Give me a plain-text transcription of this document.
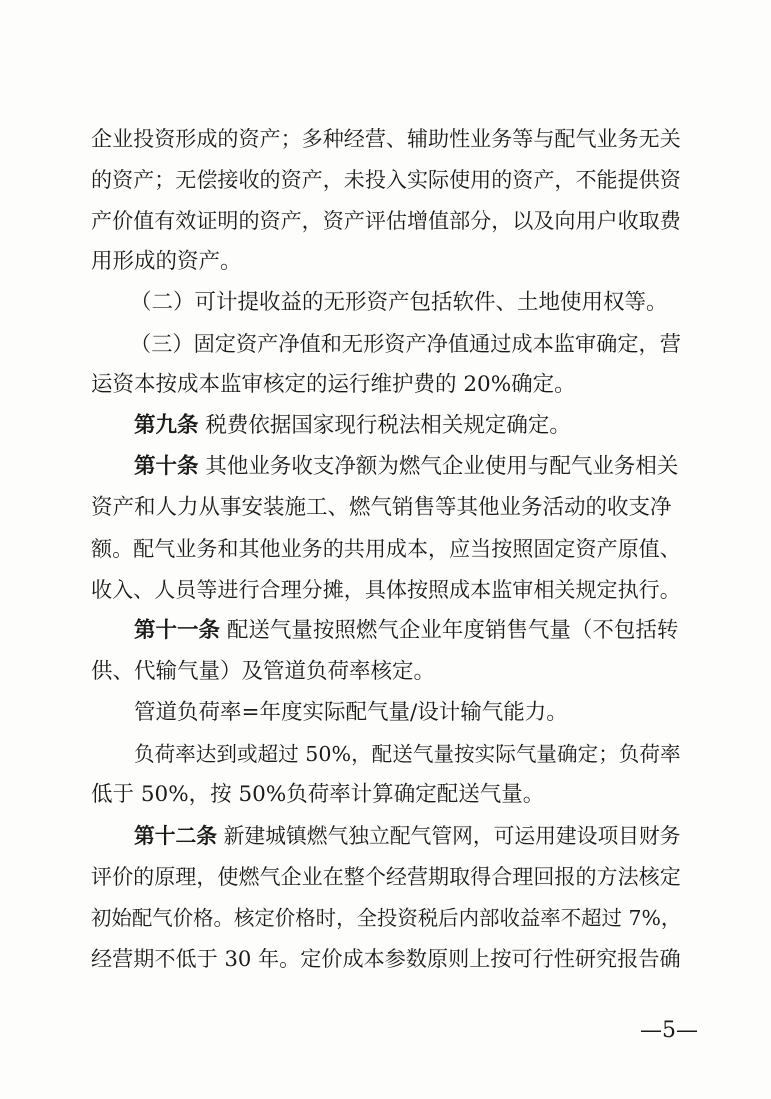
企业投资形成的资产；多种经营、辅助性业务等与配气业务无关
的资产；无偿接收的资产，未投入实际使用的资产，不能提供资
产价值有效证明的资产，资产评估增值部分，以及向用户收取费
用形成的资产。
（二）可计提收益的无形资产包括软件、土地使用权等。
（三）固定资产净值和无形资产净值通过成本监审确定，营
运资本按成本监审核定的运行维护费的 20%确定。
第九条 税费依据国家现行税法相关规定确定。
第十条 其他业务收支净额为燃气企业使用与配气业务相关
资产和人力从事安装施工、燃气销售等其他业务活动的收支净
额。配气业务和其他业务的共用成本，应当按照固定资产原值、
收入、人员等进行合理分摊，具体按照成本监审相关规定执行。
第十一条 配送气量按照燃气企业年度销售气量（不包括转
供、代输气量）及管道负荷率核定。
管道负荷率=年度实际配气量/设计输气能力。
负荷率达到或超过 50%，配送气量按实际气量确定；负荷率
低于 50%，按 50%负荷率计算确定配送气量。
第十二条 新建城镇燃气独立配气管网，可运用建设项目财务
评价的原理，使燃气企业在整个经营期取得合理回报的方法核定
初始配气价格。核定价格时，全投资税后内部收益率不超过 7%，
经营期不低于 30 年。定价成本参数原则上按可行性研究报告确
—5—
